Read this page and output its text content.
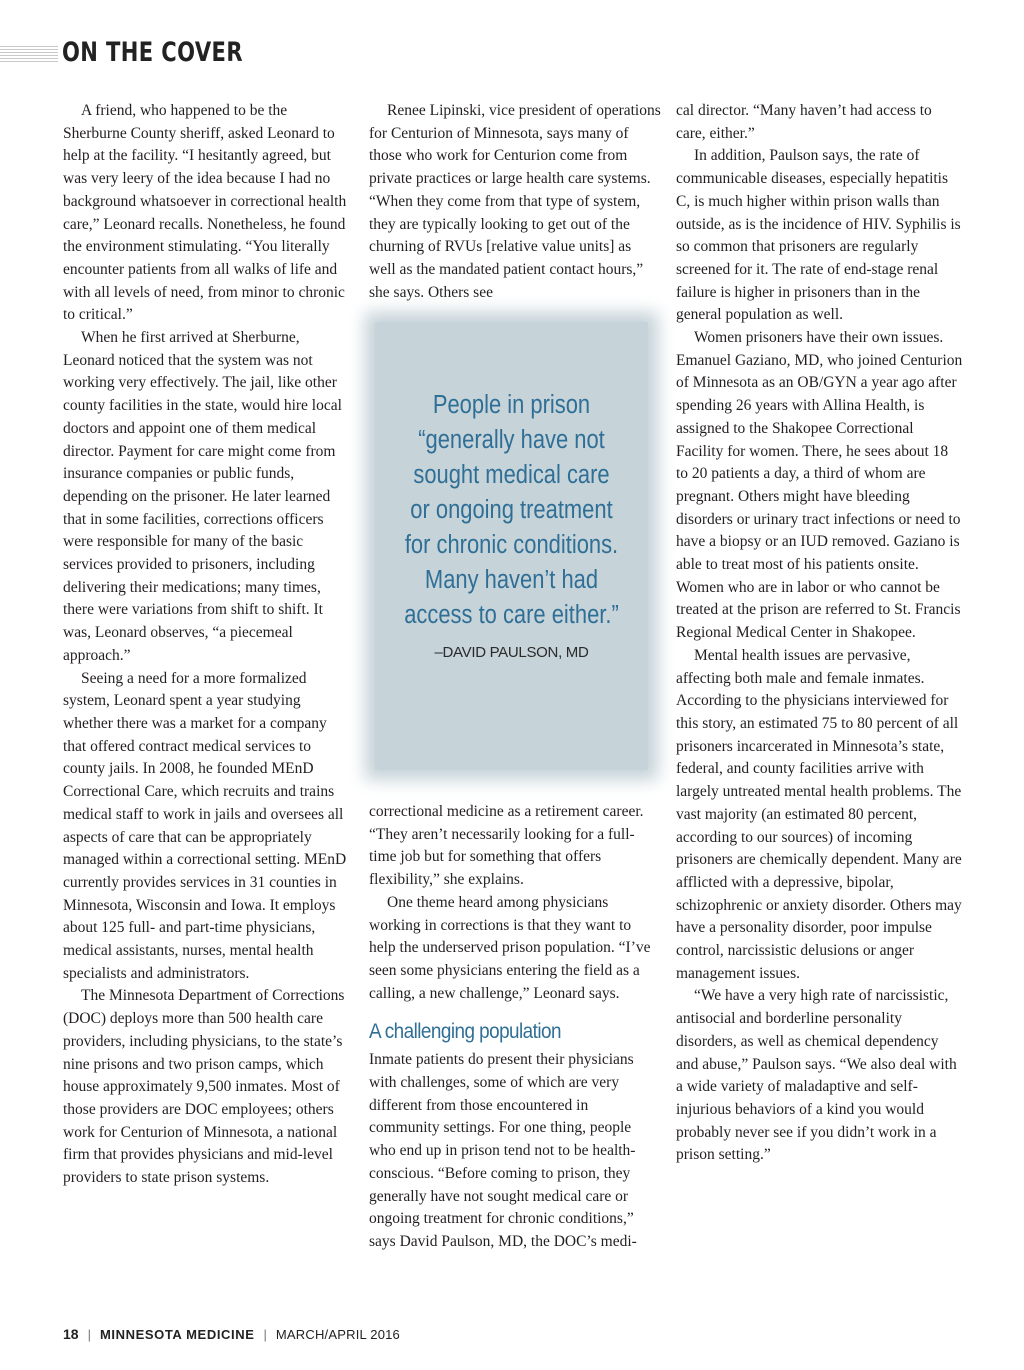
ON THE COVER

A friend, who happened to be the Sherburne County sheriff, asked Leonard to help at the facility. “I hesitantly agreed, but was very leery of the idea because I had no background whatsoever in correctional health care,” Leonard recalls. Nonetheless, he found the environment stimulating. “You literally encounter patients from all walks of life and with all levels of need, from minor to chronic to critical.”

When he first arrived at Sherburne, Leonard noticed that the system was not working very effectively. The jail, like other county facilities in the state, would hire local doctors and appoint one of them medical director. Payment for care might come from insurance companies or public funds, depending on the prisoner. He later learned that in some facilities, corrections officers were responsible for many of the basic services provided to prisoners, including delivering their medications; many times, there were variations from shift to shift. It was, Leonard observes, “a piecemeal approach.”

Seeing a need for a more formalized system, Leonard spent a year studying whether there was a market for a company that offered contract medical services to county jails. In 2008, he founded MEnD Correctional Care, which recruits and trains medical staff to work in jails and oversees all aspects of care that can be appropriately managed within a correctional setting. MEnD currently provides services in 31 counties in Minnesota, Wisconsin and Iowa. It employs about 125 full- and part-time physicians, medical assistants, nurses, mental health specialists and administrators.

The Minnesota Department of Corrections (DOC) deploys more than 500 health care providers, including physicians, to the state’s nine prisons and two prison camps, which house approximately 9,500 inmates. Most of those providers are DOC employees; others work for Centurion of Minnesota, a national firm that provides physicians and mid-level providers to state prison systems.

Renee Lipinski, vice president of operations for Centurion of Minnesota, says many of those who work for Centurion come from private practices or large health care systems. “When they come from that type of system, they are typically looking to get out of the churning of RVUs [relative value units] as well as the mandated patient contact hours,” she says. Others see

People in prison
“generally have not
sought medical care
or ongoing treatment
for chronic conditions.
Many haven’t had
access to care either.”
–DAVID PAULSON, MD

correctional medicine as a retirement career. “They aren’t necessarily looking for a full-time job but for something that offers flexibility,” she explains.

One theme heard among physicians working in corrections is that they want to help the underserved prison population. “I’ve seen some physicians entering the field as a calling, a new challenge,” Leonard says.

A challenging population

Inmate patients do present their physicians with challenges, some of which are very different from those encountered in community settings. For one thing, people who end up in prison tend not to be health-conscious. “Before coming to prison, they generally have not sought medical care or ongoing treatment for chronic conditions,” says David Paulson, MD, the DOC’s medi-

cal director. “Many haven’t had access to care, either.”

In addition, Paulson says, the rate of communicable diseases, especially hepatitis C, is much higher within prison walls than outside, as is the incidence of HIV. Syphilis is so common that prisoners are regularly screened for it. The rate of end-stage renal failure is higher in prisoners than in the general population as well.

Women prisoners have their own issues. Emanuel Gaziano, MD, who joined Centurion of Minnesota as an OB/GYN a year ago after spending 26 years with Allina Health, is assigned to the Shakopee Correctional Facility for women. There, he sees about 18 to 20 patients a day, a third of whom are pregnant. Others might have bleeding disorders or urinary tract infections or need to have a biopsy or an IUD removed. Gaziano is able to treat most of his patients onsite. Women who are in labor or who cannot be treated at the prison are referred to St. Francis Regional Medical Center in Shakopee.

Mental health issues are pervasive, affecting both male and female inmates. According to the physicians interviewed for this story, an estimated 75 to 80 percent of all prisoners incarcerated in Minnesota’s state, federal, and county facilities arrive with largely untreated mental health problems. The vast majority (an estimated 80 percent, according to our sources) of incoming prisoners are chemically dependent. Many are afflicted with a depressive, bipolar, schizophrenic or anxiety disorder. Others may have a personality disorder, poor impulse control, narcissistic delusions or anger management issues.

“We have a very high rate of narcissistic, antisocial and borderline personality disorders, as well as chemical dependency and abuse,” Paulson says. “We also deal with a wide variety of maladaptive and self-injurious behaviors of a kind you would probably never see if you didn’t work in a prison setting.”

18 | MINNESOTA MEDICINE | MARCH/APRIL 2016
